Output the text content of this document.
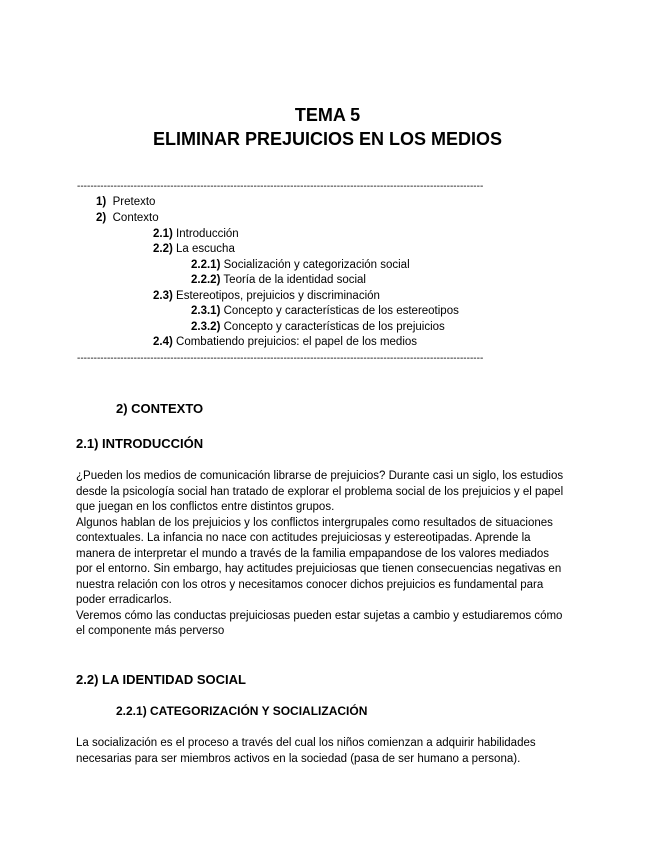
TEMA 5
ELIMINAR PREJUICIOS EN LOS MEDIOS
--------------------------------------------------------------------------------------------------------------------------
1) Pretexto
2) Contexto
2.1) Introducción
2.2) La escucha
2.2.1) Socialización y categorización social
2.2.2) Teoría de la identidad social
2.3) Estereotipos, prejuicios y discriminación
2.3.1) Concepto y características de los estereotipos
2.3.2) Concepto y características de los prejuicios
2.4) Combatiendo prejuicios: el papel de los medios
--------------------------------------------------------------------------------------------------------------------------
2) CONTEXTO
2.1) INTRODUCCIÓN
¿Pueden los medios de comunicación librarse de prejuicios? Durante casi un siglo, los estudios
desde la psicología social han tratado de explorar el problema social de los prejuicios y el papel
que juegan en los conflictos entre distintos grupos.
Algunos hablan de los prejuicios y los conflictos intergrupales como resultados de situaciones
contextuales. La infancia no nace con actitudes prejuiciosas y estereotipadas. Aprende la
manera de interpretar el mundo a través de la familia empapandose de los valores mediados
por el entorno. Sin embargo, hay actitudes prejuiciosas que tienen consecuencias negativas en
nuestra relación con los otros y necesitamos conocer dichos prejuicios es fundamental para
poder erradicarlos.
Veremos cómo las conductas prejuiciosas pueden estar sujetas a cambio y estudiaremos cómo
el componente más perverso
2.2) LA IDENTIDAD SOCIAL
2.2.1) CATEGORIZACIÓN Y SOCIALIZACIÓN
La socialización es el proceso a través del cual los niños comienzan a adquirir habilidades
necesarias para ser miembros activos en la sociedad (pasa de ser humano a persona).
